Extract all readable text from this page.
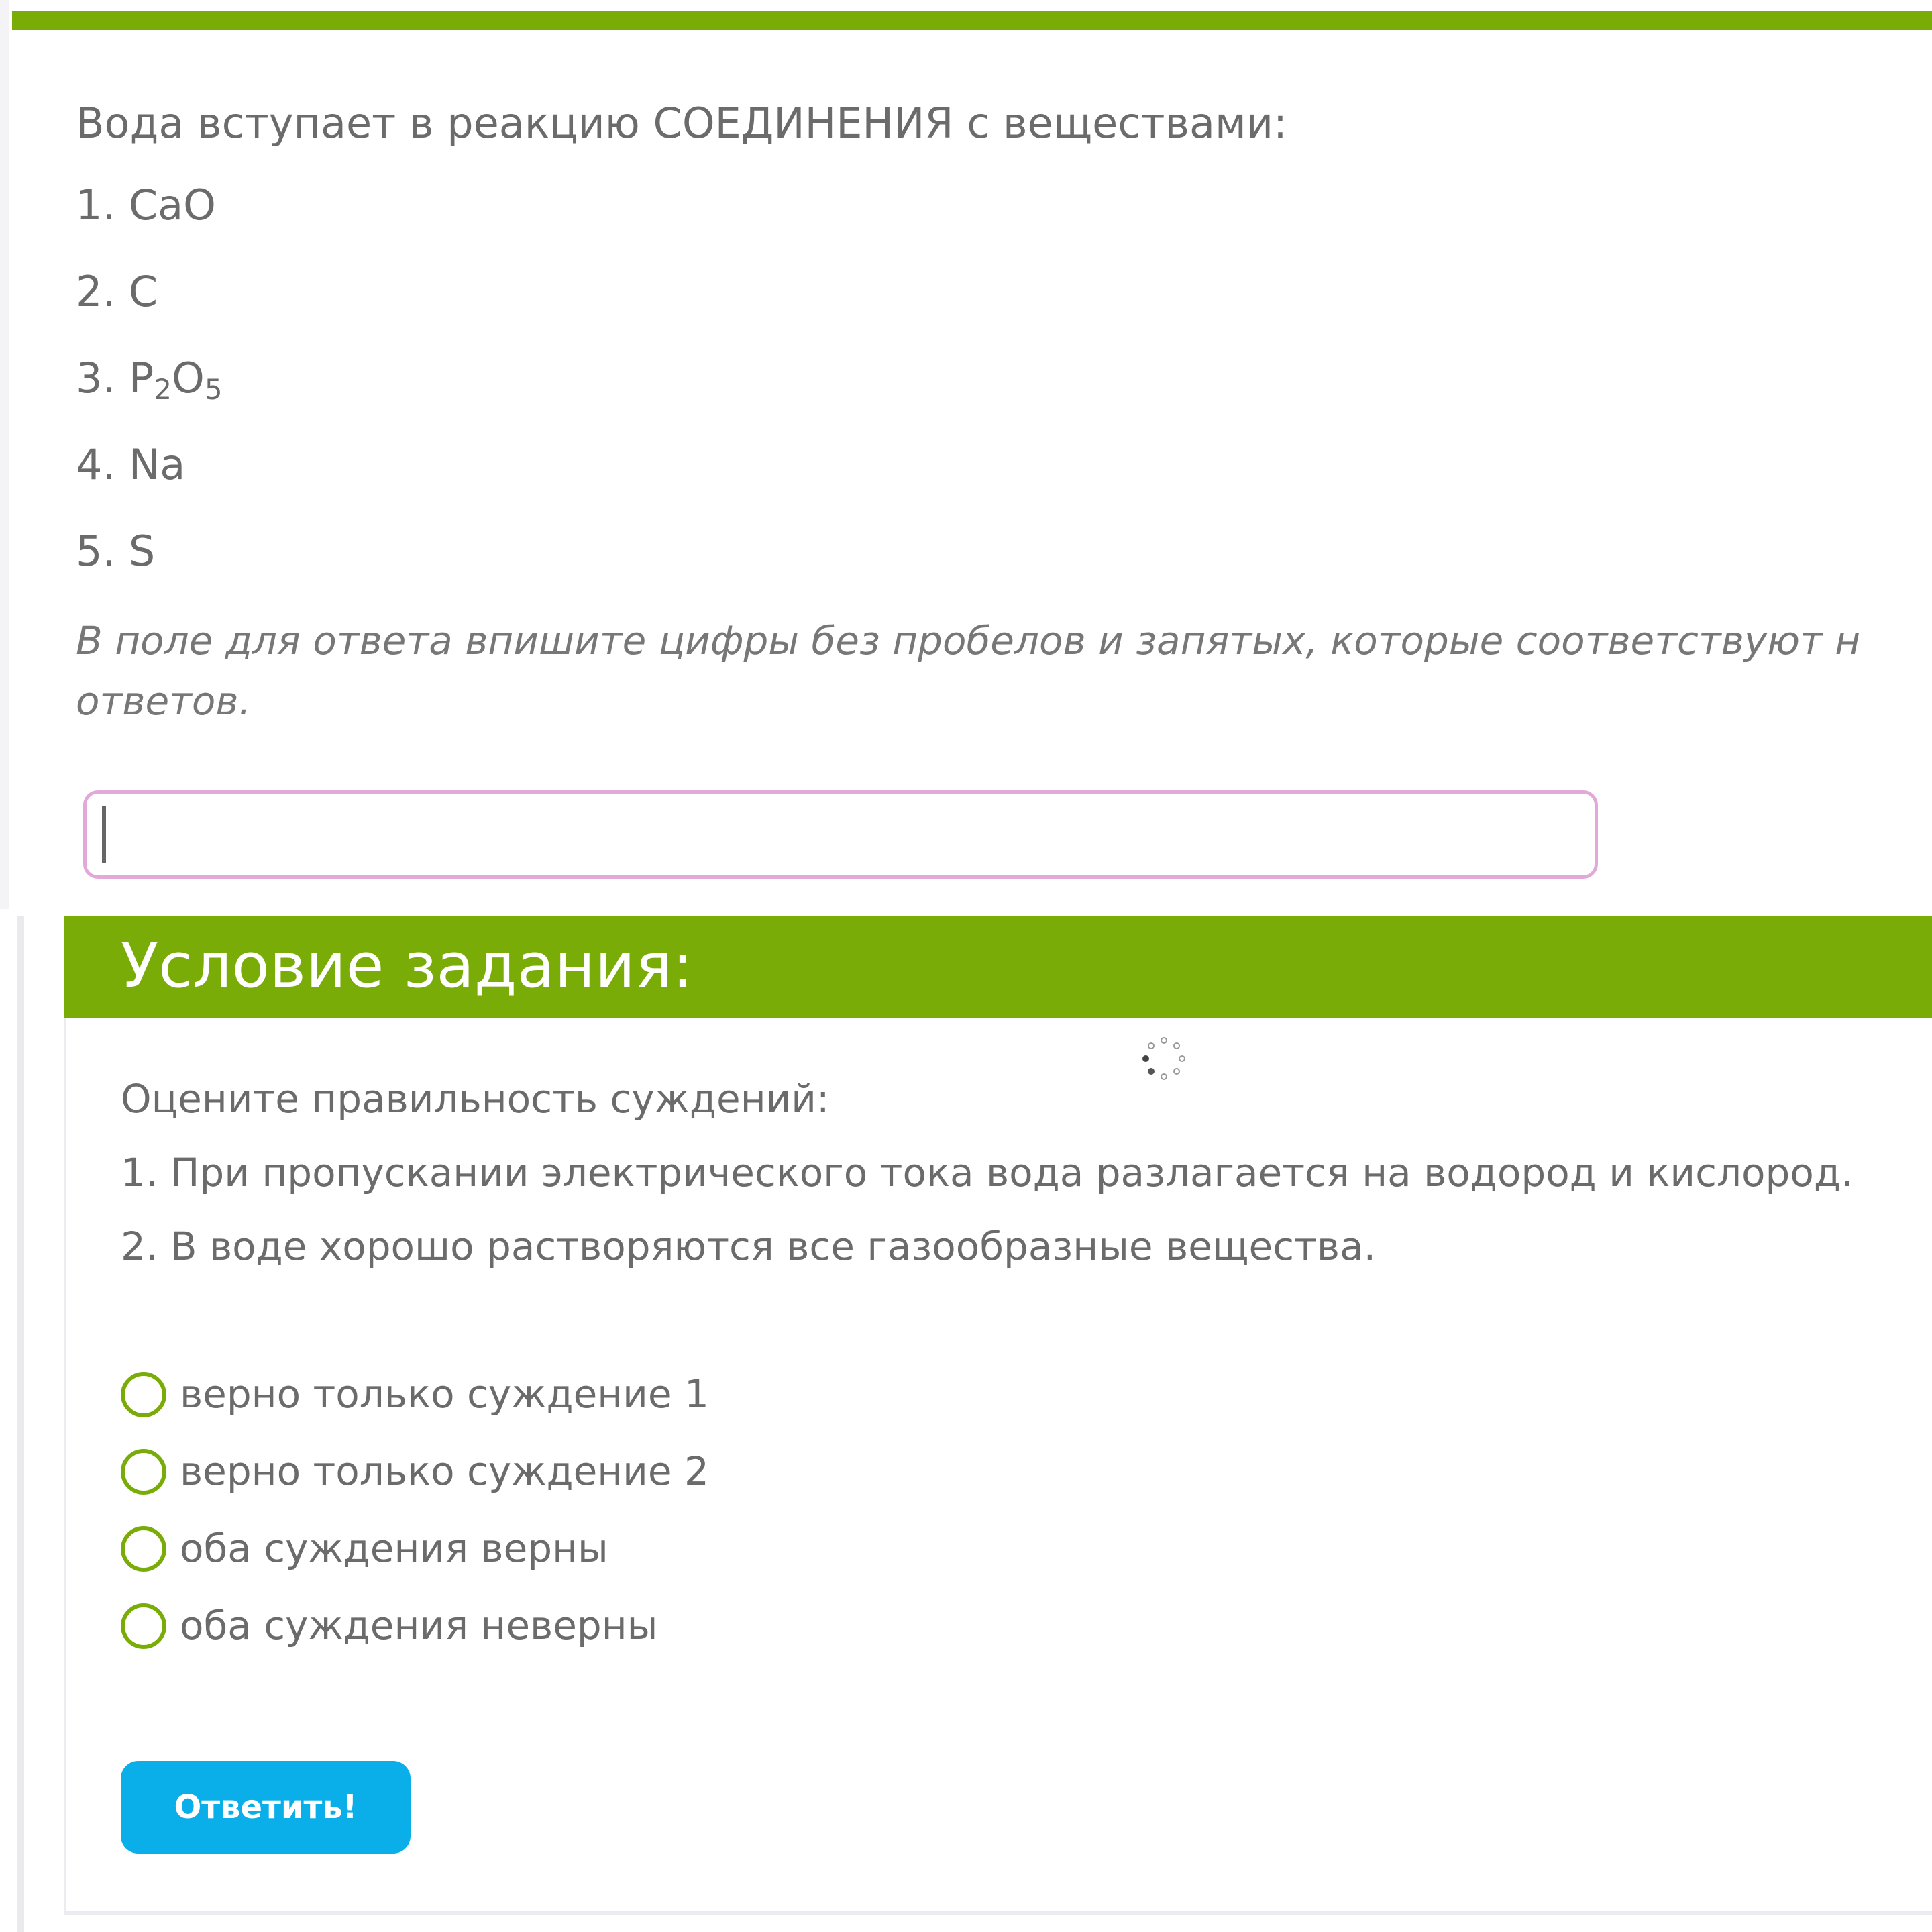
Вода вступает в реакцию СОЕДИНЕНИЯ с веществами:
1. CaO
2. C
3. $P_2O_5$
4. Na
5. S
В поле для ответа впишите цифры без пробелов и запятых, которые соответствуют н
ответов.
Условие задания:
Оцените правильность суждений:
1. При пропускании электрического тока вода разлагается на водород и кислород.
2. В воде хорошо растворяются все газообразные вещества.
верно только суждение 1
верно только суждение 2
оба суждения верны
оба суждения неверны
Ответить!
